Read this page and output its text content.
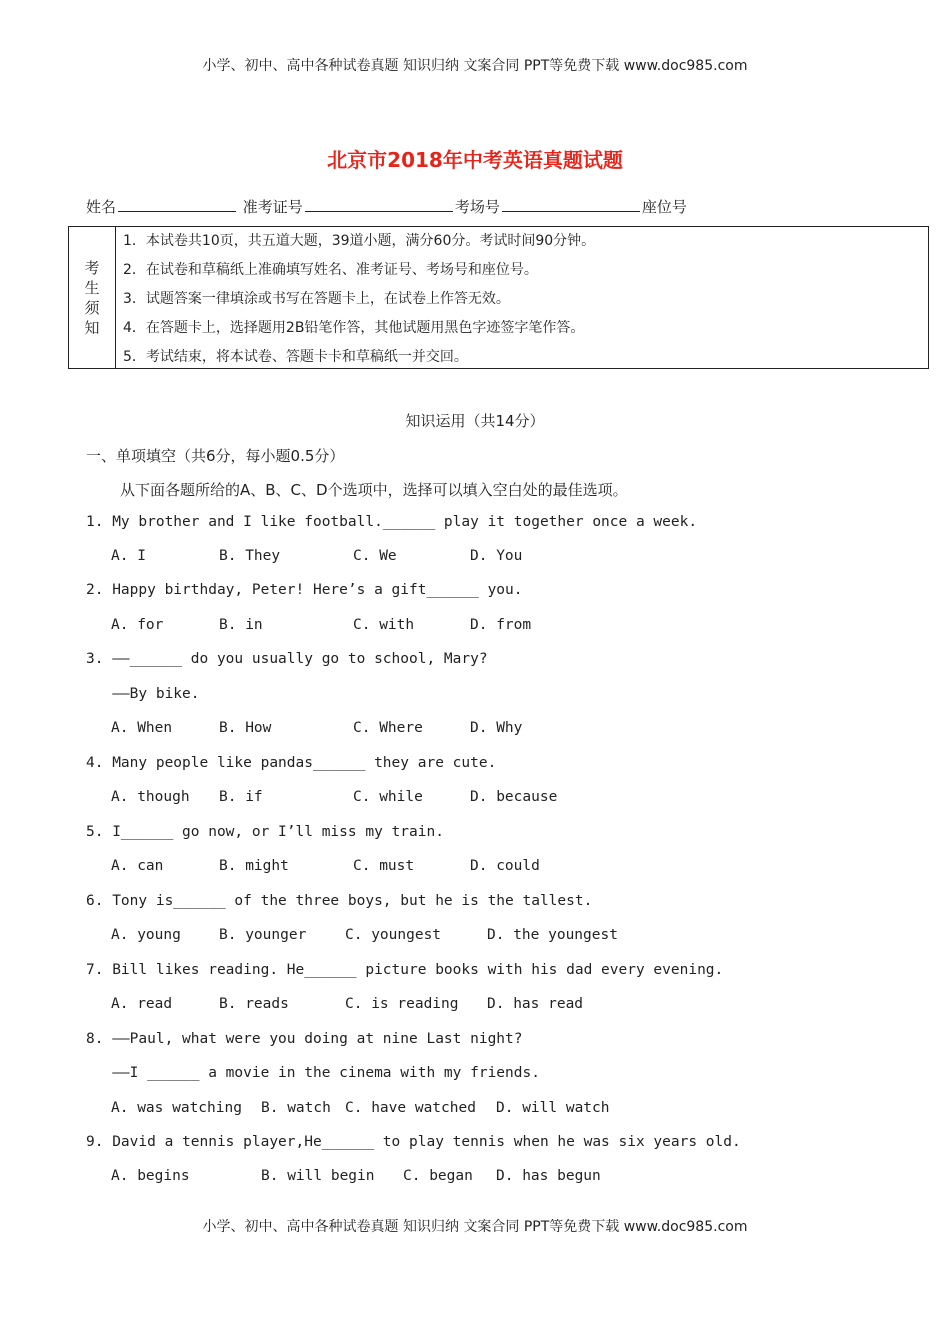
小学、初中、高中各种试卷真题 知识归纳 文案合同 PPT等免费下载 www.doc985.com
北京市2018年中考英语真题试题
姓名	准考证号	考场号	座位号
考
生
须
知
1．本试卷共10页，共五道大题，39道小题，满分60分。考试时间90分钟。
2．在试卷和草稿纸上准确填写姓名、准考证号、考场号和座位号。
3．试题答案一律填涂或书写在答题卡上，在试卷上作答无效。
4．在答题卡上，选择题用2B铅笔作答，其他试题用黑色字迹签字笔作答。
5．考试结束，将本试卷、答题卡卡和草稿纸一并交回。
知识运用（共14分）
一、单项填空（共6分，每小题0.5分）
从下面各题所给的A、B、C、D个选项中，选择可以填入空白处的最佳选项。
1. My brother and I like football.______ play it together once a week.

A. I

	B. They

	C. We

	D. You

2. Happy birthday, Peter! Here’s a gift______ you.

A. for

	B. in

	C. with

	D. from

3. ——______ do you usually go to school, Mary?
——By bike.

A. When

	B. How

	C. Where

	D. Why

4. Many people like pandas______ they are cute.

A. though

B. if

	C. while

	D. because

5. I______ go now, or I’ll miss my train.

A. can

	B. might

	C. must

	D. could

6. Tony is______ of the three boys, but he is the tallest.

A. young

	B. younger

	C. youngest

	D. the youngest

7. Bill likes reading. He______ picture books with his dad every evening.

A. read

	B. reads

	C. is reading

D. has read

8. ——Paul, what were you doing at nine Last night?
——I ______ a movie in the cinema with my friends.

A. was watching

B. watch

C. have watched

D. will watch

9. David a tennis player,He______ to play tennis when he was six years old.

A. begins

	B. will begin

C. began

D. has begun

小学、初中、高中各种试卷真题 知识归纳 文案合同 PPT等免费下载 www.doc985.com
